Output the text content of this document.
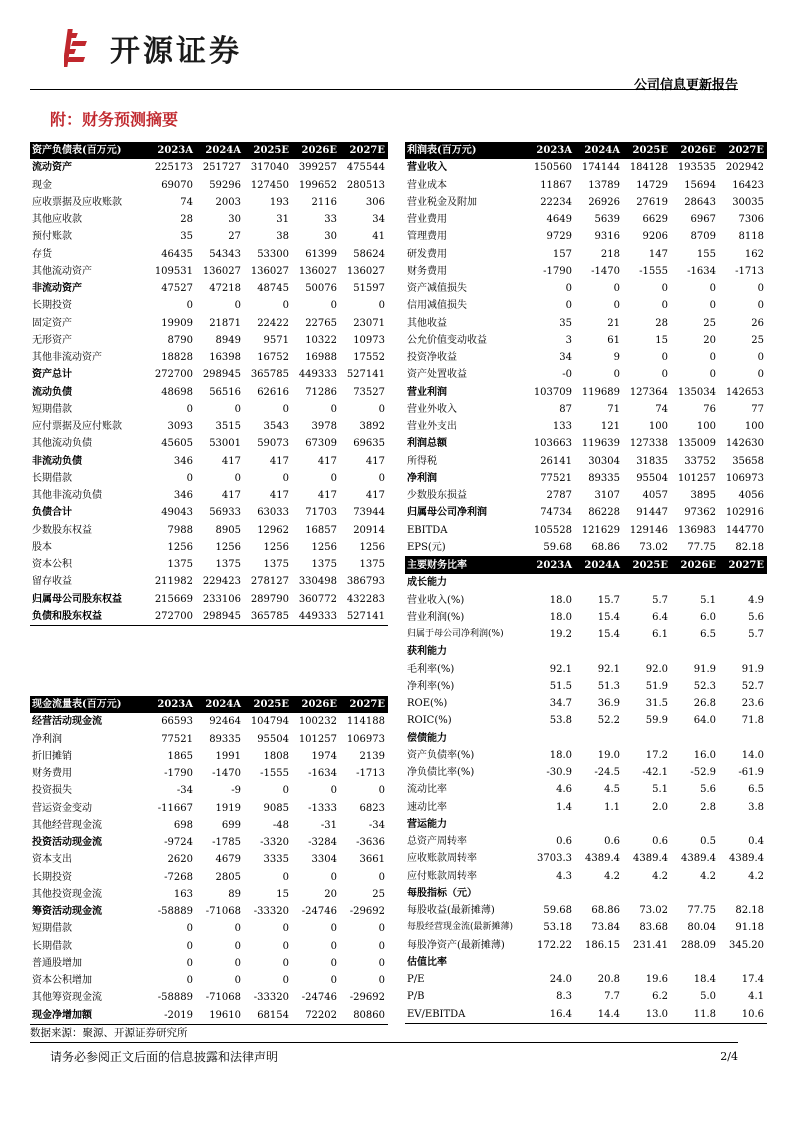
开源证券
公司信息更新报告
附：财务预测摘要
资产负债表(百万元)	2023A	2024A	2025E	2026E	2027E
流动资产	225173	251727	317040	399257	475544
现金	69070	59296	127450	199652	280513
应收票据及应收账款	74	2003	193	2116	306
其他应收款	28	30	31	33	34
预付账款	35	27	38	30	41
存货	46435	54343	53300	61399	58624
其他流动资产	109531	136027	136027	136027	136027
非流动资产	47527	47218	48745	50076	51597
长期投资	0	0	0	0	0
固定资产	19909	21871	22422	22765	23071
无形资产	8790	8949	9571	10322	10973
其他非流动资产	18828	16398	16752	16988	17552
资产总计	272700	298945	365785	449333	527141
流动负债	48698	56516	62616	71286	73527
短期借款	0	0	0	0	0
应付票据及应付账款	3093	3515	3543	3978	3892
其他流动负债	45605	53001	59073	67309	69635
非流动负债	346	417	417	417	417
长期借款	0	0	0	0	0
其他非流动负债	346	417	417	417	417
负债合计	49043	56933	63033	71703	73944
少数股东权益	7988	8905	12962	16857	20914
股本	1256	1256	1256	1256	1256
资本公积	1375	1375	1375	1375	1375
留存收益	211982	229423	278127	330498	386793
归属母公司股东权益	215669	233106	289790	360772	432283
负债和股东权益	272700	298945	365785	449333	527141
利润表(百万元)	2023A	2024A	2025E	2026E	2027E
营业收入	150560	174144	184128	193535	202942
营业成本	11867	13789	14729	15694	16423
营业税金及附加	22234	26926	27619	28643	30035
营业费用	4649	5639	6629	6967	7306
管理费用	9729	9316	9206	8709	8118
研发费用	157	218	147	155	162
财务费用	-1790	-1470	-1555	-1634	-1713
资产减值损失	0	0	0	0	0
信用减值损失	0	0	0	0	0
其他收益	35	21	28	25	26
公允价值变动收益	3	61	15	20	25
投资净收益	34	9	0	0	0
资产处置收益	-0	0	0	0	0
营业利润	103709	119689	127364	135034	142653
营业外收入	87	71	74	76	77
营业外支出	133	121	100	100	100
利润总额	103663	119639	127338	135009	142630
所得税	26141	30304	31835	33752	35658
净利润	77521	89335	95504	101257	106973
少数股东损益	2787	3107	4057	3895	4056
归属母公司净利润	74734	86228	91447	97362	102916
EBITDA	105528	121629	129146	136983	144770
EPS(元)	59.68	68.86	73.02	77.75	82.18
主要财务比率	2023A	2024A	2025E	2026E	2027E
成长能力					
营业收入(%)	18.0	15.7	5.7	5.1	4.9
营业利润(%)	18.0	15.4	6.4	6.0	5.6
归属于母公司净利润(%)	19.2	15.4	6.1	6.5	5.7
获利能力					
毛利率(%)	92.1	92.1	92.0	91.9	91.9
净利率(%)	51.5	51.3	51.9	52.3	52.7
ROE(%)	34.7	36.9	31.5	26.8	23.6
ROIC(%)	53.8	52.2	59.9	64.0	71.8
偿债能力					
资产负债率(%)	18.0	19.0	17.2	16.0	14.0
净负债比率(%)	-30.9	-24.5	-42.1	-52.9	-61.9
流动比率	4.6	4.5	5.1	5.6	6.5
速动比率	1.4	1.1	2.0	2.8	3.8
营运能力					
总资产周转率	0.6	0.6	0.6	0.5	0.4
应收账款周转率	3703.3	4389.4	4389.4	4389.4	4389.4
应付账款周转率	4.3	4.2	4.2	4.2	4.2
每股指标（元）					
每股收益(最新摊薄)	59.68	68.86	73.02	77.75	82.18
每股经营现金流(最新摊薄)	53.18	73.84	83.68	80.04	91.18
每股净资产(最新摊薄)	172.22	186.15	231.41	288.09	345.20
估值比率					
P/E	24.0	20.8	19.6	18.4	17.4
P/B	8.3	7.7	6.2	5.0	4.1
EV/EBITDA	16.4	14.4	13.0	11.8	10.6
现金流量表(百万元)	2023A	2024A	2025E	2026E	2027E
经营活动现金流	66593	92464	104794	100232	114188
净利润	77521	89335	95504	101257	106973
折旧摊销	1865	1991	1808	1974	2139
财务费用	-1790	-1470	-1555	-1634	-1713
投资损失	-34	-9	0	0	0
营运资金变动	-11667	1919	9085	-1333	6823
其他经营现金流	698	699	-48	-31	-34
投资活动现金流	-9724	-1785	-3320	-3284	-3636
资本支出	2620	4679	3335	3304	3661
长期投资	-7268	2805	0	0	0
其他投资现金流	163	89	15	20	25
筹资活动现金流	-58889	-71068	-33320	-24746	-29692
短期借款	0	0	0	0	0
长期借款	0	0	0	0	0
普通股增加	0	0	0	0	0
资本公积增加	0	0	0	0	0
其他筹资现金流	-58889	-71068	-33320	-24746	-29692
现金净增加额	-2019	19610	68154	72202	80860
数据来源：聚源、开源证券研究所
请务必参阅正文后面的信息披露和法律声明	2/4
